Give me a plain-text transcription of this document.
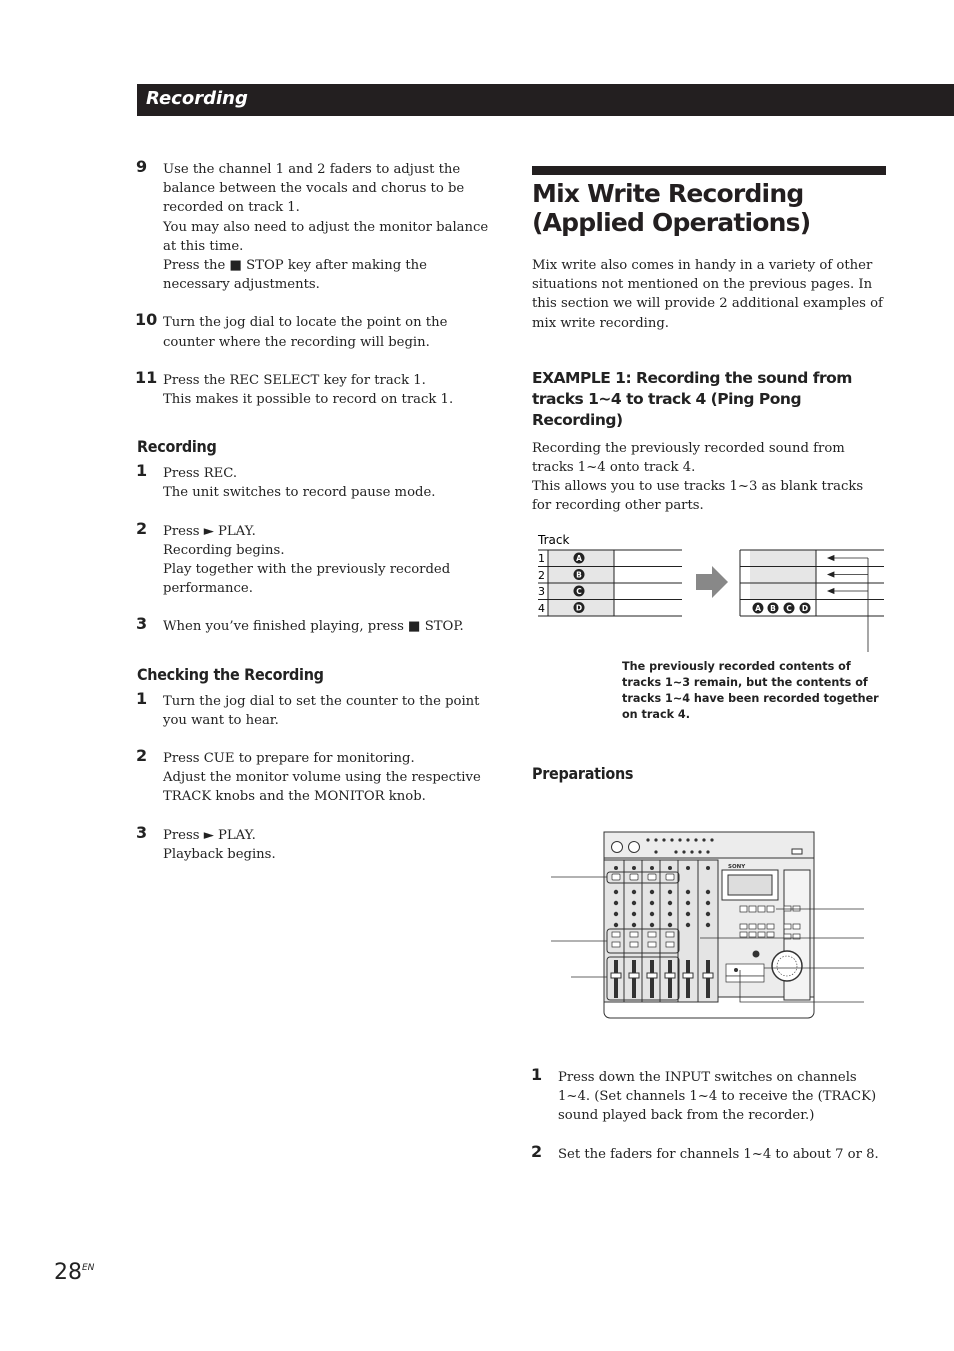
Recording
9 Use the channel 1 and 2 faders to adjust the balance between the vocals and chorus to be recorded on track 1.

You may also need to adjust the monitor balance at this time.

Press the ■ STOP key after making the necessary adjustments.

10 Turn the jog dial to locate the point on the counter where the recording will begin.

11 Press the REC SELECT key for track 1.

This makes it possible to record on track 1.

Recording
1 Press REC.

The unit switches to record pause mode.

2 Press ► PLAY.

Recording begins.

Play together with the previously recorded performance.

3 When you’ve finished playing, press ■ STOP.

Checking the Recording
1 Turn the jog dial to set the counter to the point you want to hear.

2 Press CUE to prepare for monitoring.

Adjust the monitor volume using the respective TRACK knobs and the MONITOR knob.

3 Press ► PLAY.

Playback begins.

Mix Write Recording (Applied Operations)

Mix write also comes in handy in a variety of other situations not mentioned on the previous pages. In this section we will provide 2 additional examples of mix write recording.

EXAMPLE 1: Recording the sound from tracks 1~4 to track 4 (Ping Pong Recording)

Recording the previously recorded sound from tracks 1~4 onto track 4.

This allows you to use tracks 1~3 as blank tracks for recording other parts.

Track
1
2
3
4
A
B
C
D	A B C D
The previously recorded contents of tracks 1~3 remain, but the contents of tracks 1~4 have been recorded together on track 4.
Preparations
SONY
1 Press down the INPUT switches on channels 1~4. (Set channels 1~4 to receive the (TRACK) sound played back from the recorder.)

2 Set the faders for channels 1~4 to about 7 or 8.

$28^{EN}$
